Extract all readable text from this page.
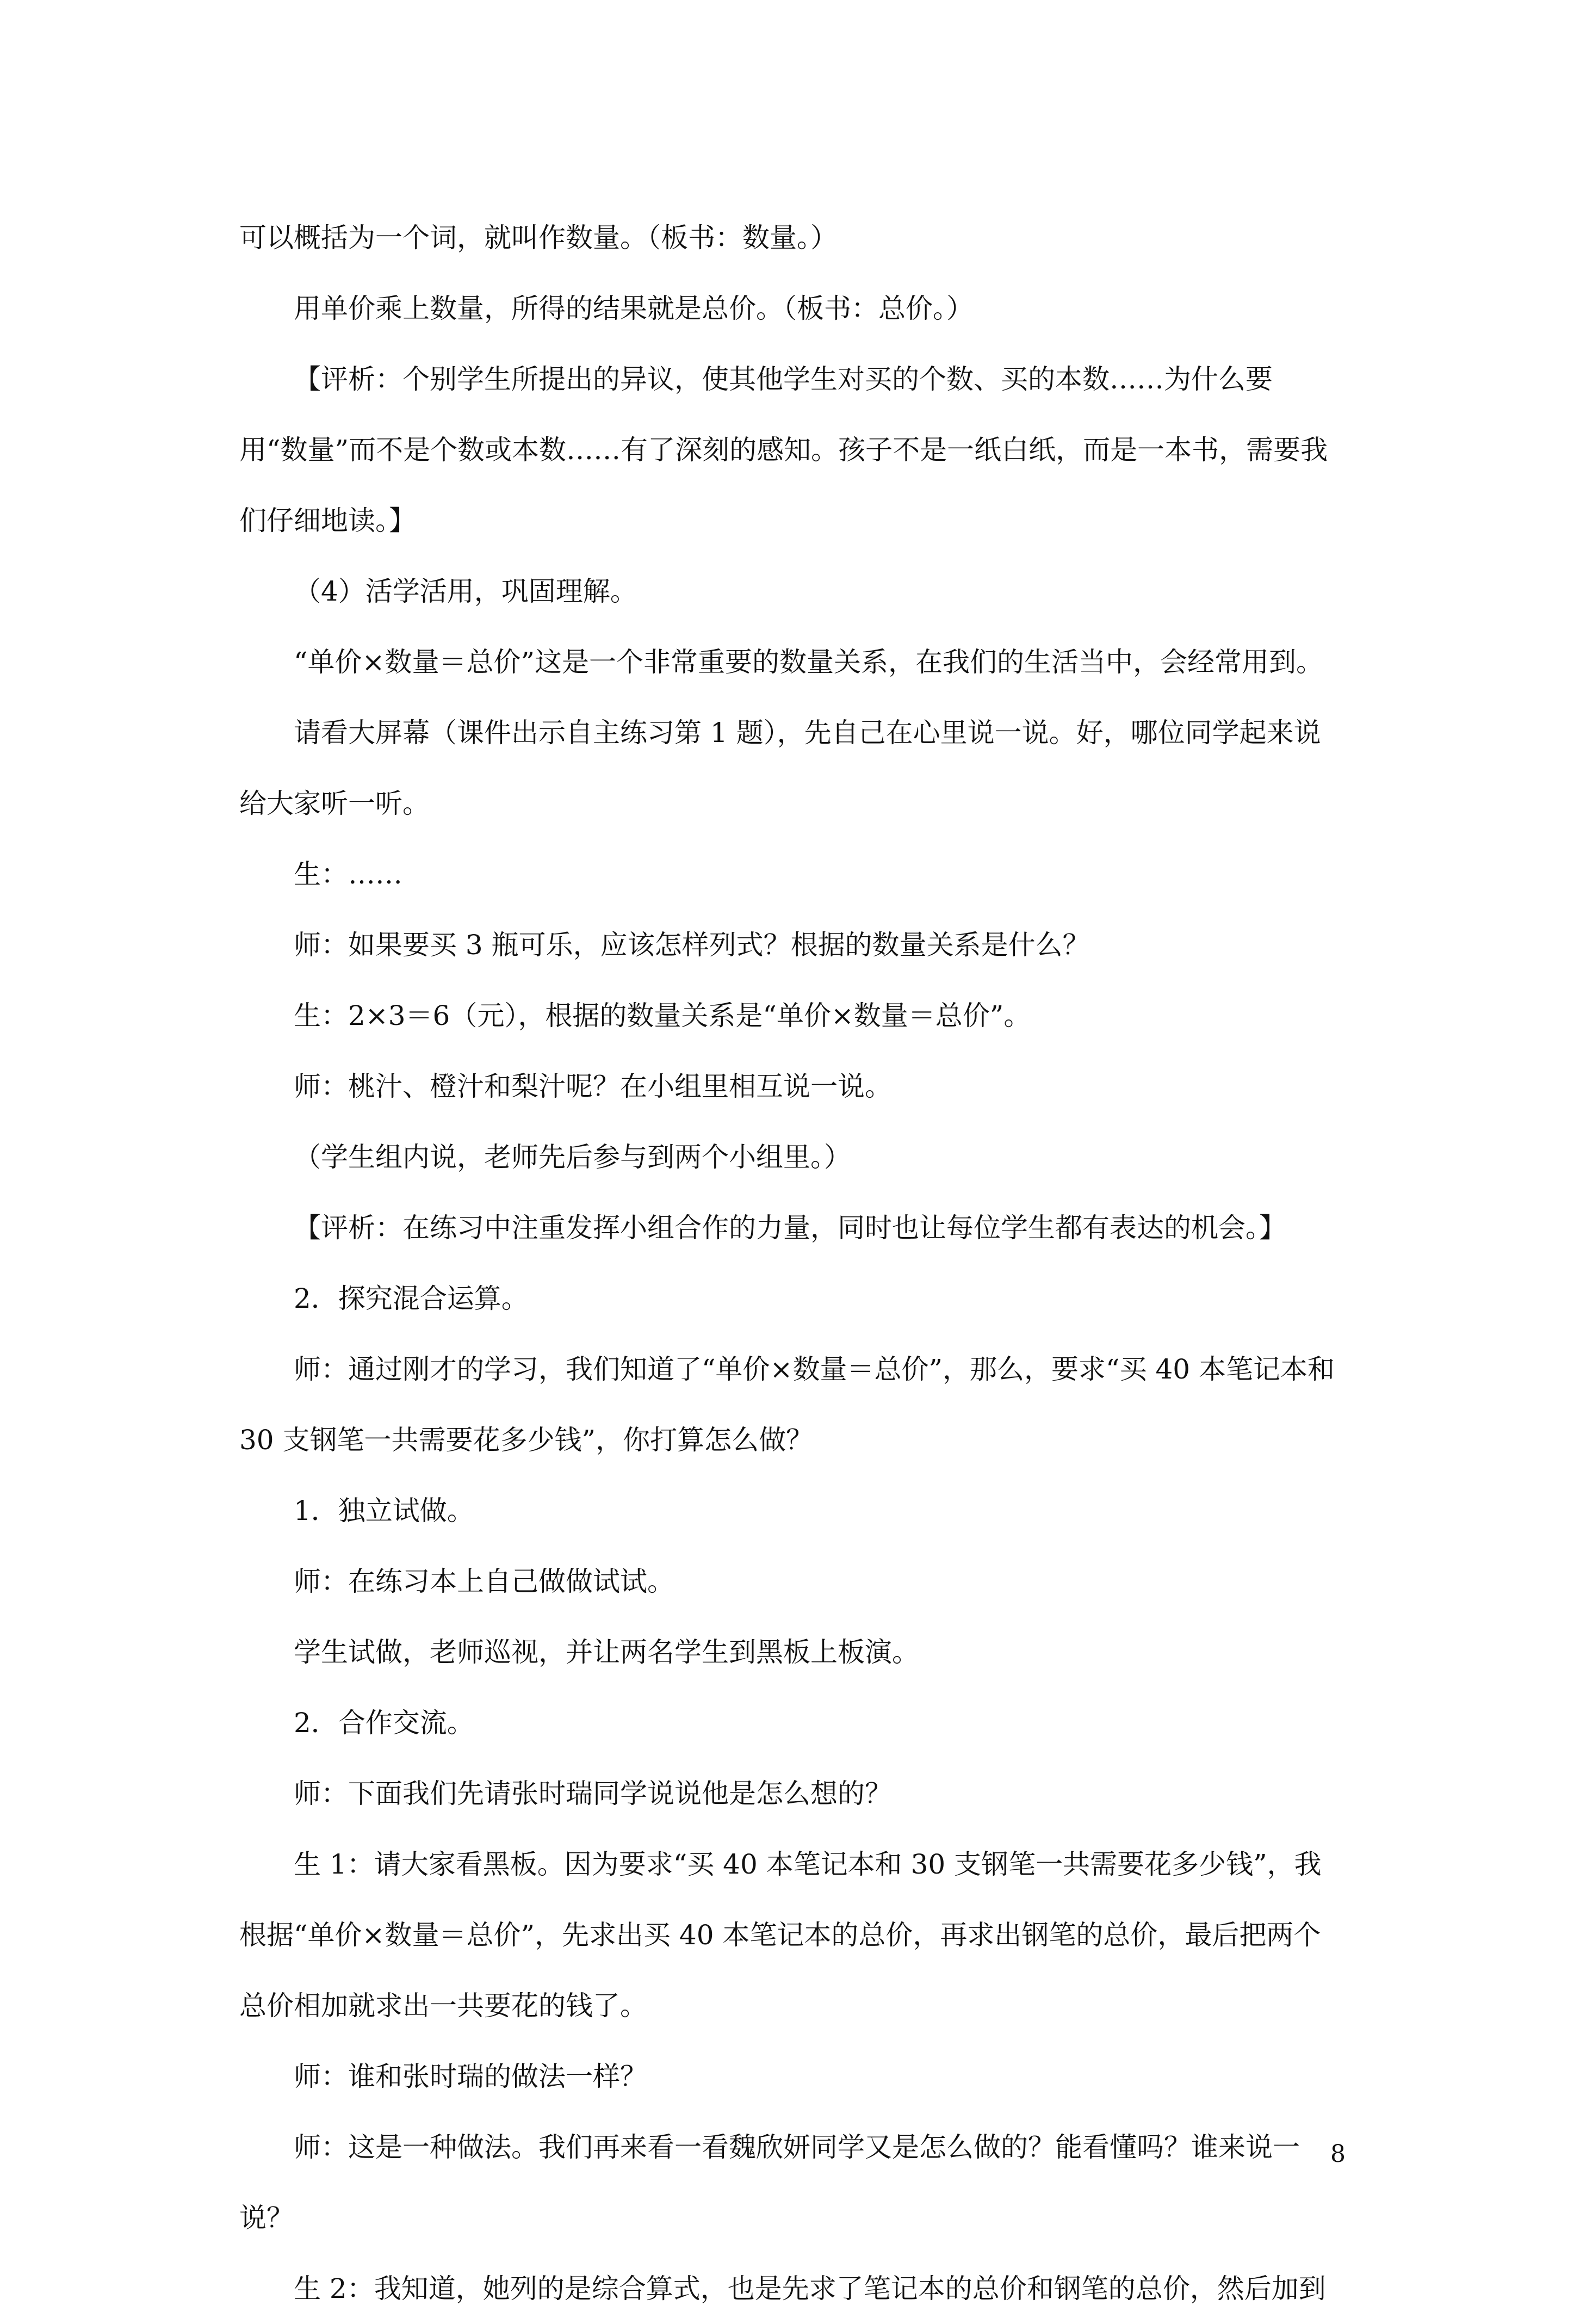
可以概括为一个词，就叫作数量。（板书：数量。）

用单价乘上数量，所得的结果就是总价。（板书：总价。）

【评析：个别学生所提出的异议，使其他学生对买的个数、买的本数……为什么要用“数量”而不是个数或本数……有了深刻的感知。孩子不是一纸白纸，而是一本书，需要我们仔细地读。】

（4）活学活用，巩固理解。

“单价×数量＝总价”这是一个非常重要的数量关系，在我们的生活当中，会经常用到。

请看大屏幕（课件出示自主练习第 1 题），先自己在心里说一说。好，哪位同学起来说给大家听一听。

生：……

师：如果要买 3 瓶可乐，应该怎样列式？根据的数量关系是什么？

生：2×3＝6（元），根据的数量关系是“单价×数量＝总价”。

师：桃汁、橙汁和梨汁呢？在小组里相互说一说。

（学生组内说，老师先后参与到两个小组里。）

【评析：在练习中注重发挥小组合作的力量，同时也让每位学生都有表达的机会。】

2．探究混合运算。

师：通过刚才的学习，我们知道了“单价×数量＝总价”，那么，要求“买 40 本笔记本和 30 支钢笔一共需要花多少钱”，你打算怎么做？

1．独立试做。

师：在练习本上自己做做试试。

学生试做，老师巡视，并让两名学生到黑板上板演。

2．合作交流。

师：下面我们先请张时瑞同学说说他是怎么想的？

生 1：请大家看黑板。因为要求“买 40 本笔记本和 30 支钢笔一共需要花多少钱”，我根据“单价×数量＝总价”，先求出买 40 本笔记本的总价，再求出钢笔的总价，最后把两个总价相加就求出一共要花的钱了。

师：谁和张时瑞的做法一样？

师：这是一种做法。我们再来看一看魏欣妍同学又是怎么做的？能看懂吗？谁来说一说？

生 2：我知道，她列的是综合算式，也是先求了笔记本的总价和钢笔的总价，然后加到

8
